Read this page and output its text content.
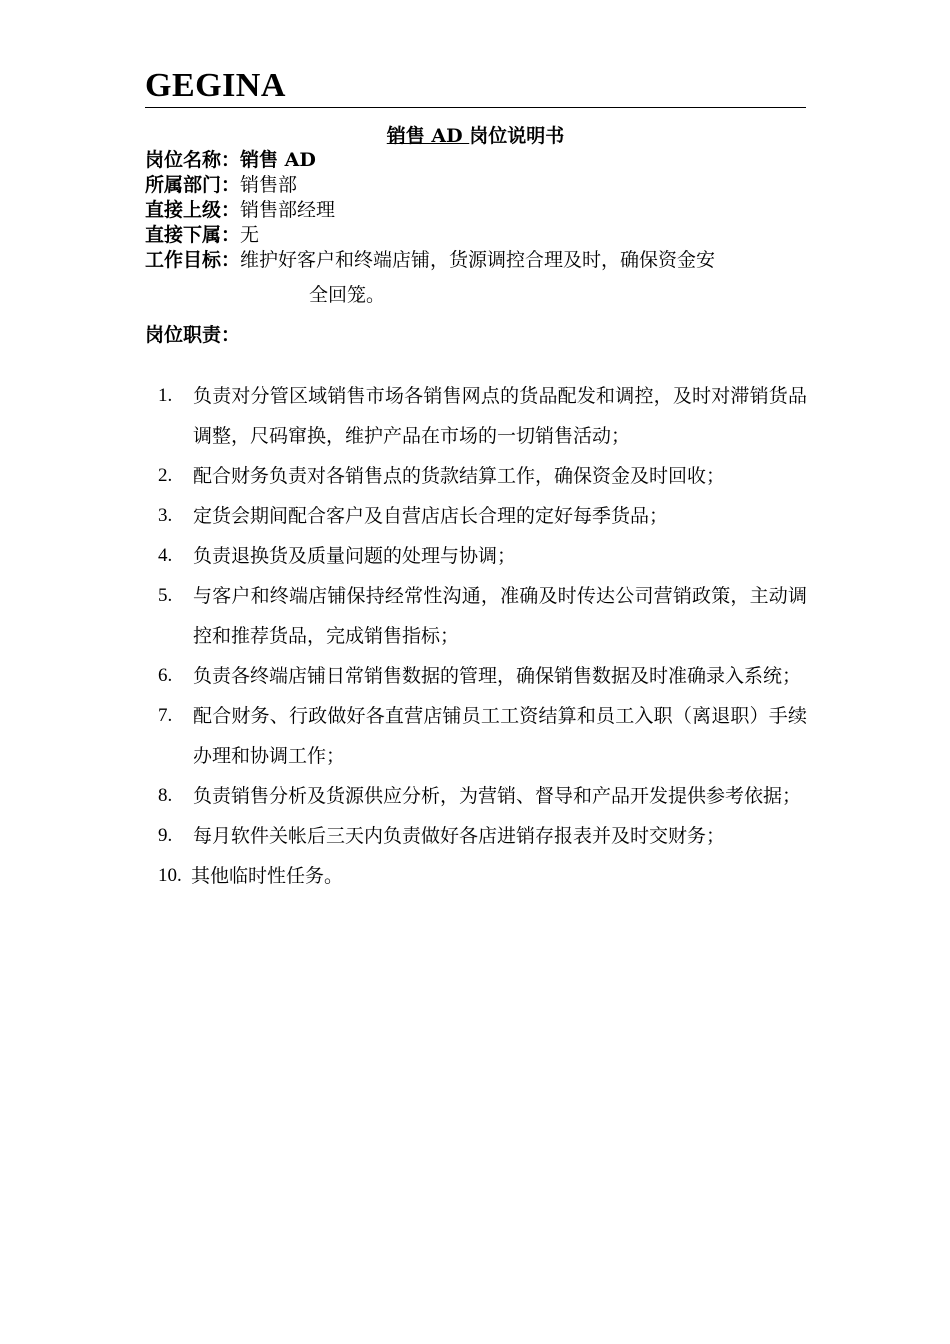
GEGINA
销售 AD 岗位说明书
岗位名称：销售 AD
所属部门：销售部
直接上级：销售部经理
直接下属：无
工作目标：维护好客户和终端店铺，货源调控合理及时，确保资金安
全回笼。
岗位职责：
1.	负责对分管区域销售市场各销售网点的货品配发和调控，及时对滞销货品调整，尺码窜换，维护产品在市场的一切销售活动；
2.	配合财务负责对各销售点的货款结算工作，确保资金及时回收；
3.	定货会期间配合客户及自营店店长合理的定好每季货品；
4.	负责退换货及质量问题的处理与协调；
5.	与客户和终端店铺保持经常性沟通，准确及时传达公司营销政策，主动调控和推荐货品，完成销售指标；
6.	负责各终端店铺日常销售数据的管理，确保销售数据及时准确录入系统；
7.	配合财务、行政做好各直营店铺员工工资结算和员工入职（离退职）手续办理和协调工作；
8.	负责销售分析及货源供应分析，为营销、督导和产品开发提供参考依据；
9.	每月软件关帐后三天内负责做好各店进销存报表并及时交财务；
10. 其他临时性任务。
